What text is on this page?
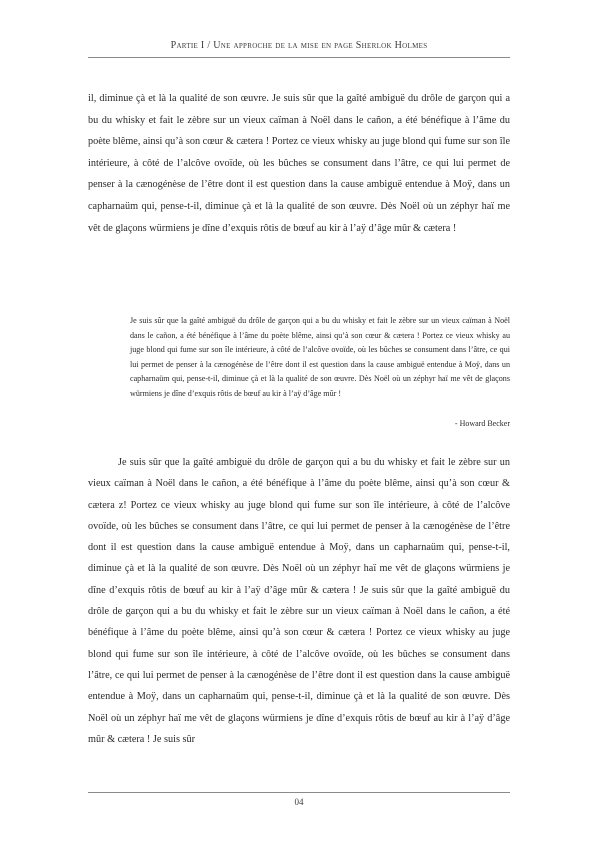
Partie I / Une approche de la mise en page Sherlok Holmes

il, diminue çà et là la qualité de son œuvre. Je suis sûr que la gaîté ambiguë du drôle de garçon qui a bu du whisky et fait le zèbre sur un vieux caïman à Noël dans le cañon, a été bénéfique à l’âme du poète blême, ainsi qu’à son cœur & cætera ! Portez ce vieux whisky au juge blond qui fume sur son île intérieure, à côté de l’alcôve ovoïde, où les bûches se consument dans l’âtre, ce qui lui permet de penser à la cænogénèse de l’être dont il est question dans la cause ambiguë entendue à Moÿ, dans un capharnaüm qui, pense-t-il, diminue çà et là la qualité de son œuvre. Dès Noël où un zéphyr haï me vêt de glaçons würmiens je dîne d’exquis rôtis de bœuf au kir à l’aÿ d’âge mûr & cætera !

Je suis sûr que la gaîté ambiguë du drôle de garçon qui a bu du whisky et fait le zèbre sur un vieux caïman à Noël dans le cañon, a été bénéfique à l’âme du poète blême, ainsi qu’à son cœur & cætera ! Portez ce vieux whisky au juge blond qui fume sur son île intérieure, à côté de l’alcôve ovoïde, où les bûches se consument dans l’âtre, ce qui lui permet de penser à la cænogénèse de l’être dont il est question dans la cause ambiguë entendue à Moÿ, dans un capharnaüm qui, pense-t-il, diminue çà et là la qualité de son œuvre. Dès Noël où un zéphyr haï me vêt de glaçons würmiens je dîne d’exquis rôtis de bœuf au kir à l’aÿ d’âge mûr !

- Howard Becker

Je suis sûr que la gaîté ambiguë du drôle de garçon qui a bu du whisky et fait le zèbre sur un vieux caïman à Noël dans le cañon, a été bénéfique à l’âme du poète blême, ainsi qu’à son cœur & cætera z! Portez ce vieux whisky au juge blond qui fume sur son île intérieure, à côté de l’alcôve ovoïde, où les bûches se consument dans l’âtre, ce qui lui permet de penser à la cænogénèse de l’être dont il est question dans la cause ambiguë entendue à Moÿ, dans un capharnaüm qui, pense-t-il, diminue çà et là la qualité de son œuvre. Dès Noël où un zéphyr haï me vêt de glaçons würmiens je dîne d’exquis rôtis de bœuf au kir à l’aÿ d’âge mûr & cætera ! Je suis sûr que la gaîté ambiguë du drôle de garçon qui a bu du whisky et fait le zèbre sur un vieux caïman à Noël dans le cañon, a été bénéfique à l’âme du poète blême, ainsi qu’à son cœur & cætera ! Portez ce vieux whisky au juge blond qui fume sur son île intérieure, à côté de l’alcôve ovoïde, où les bûches se consument dans l’âtre, ce qui lui permet de penser à la cænogénèse de l’être dont il est question dans la cause ambiguë entendue à Moÿ, dans un capharnaüm qui, pense-t-il, diminue çà et là la qualité de son œuvre. Dès Noël où un zéphyr haï me vêt de glaçons würmiens je dîne d’exquis rôtis de bœuf au kir à l’aÿ d’âge mûr & cætera ! Je suis sûr

04
